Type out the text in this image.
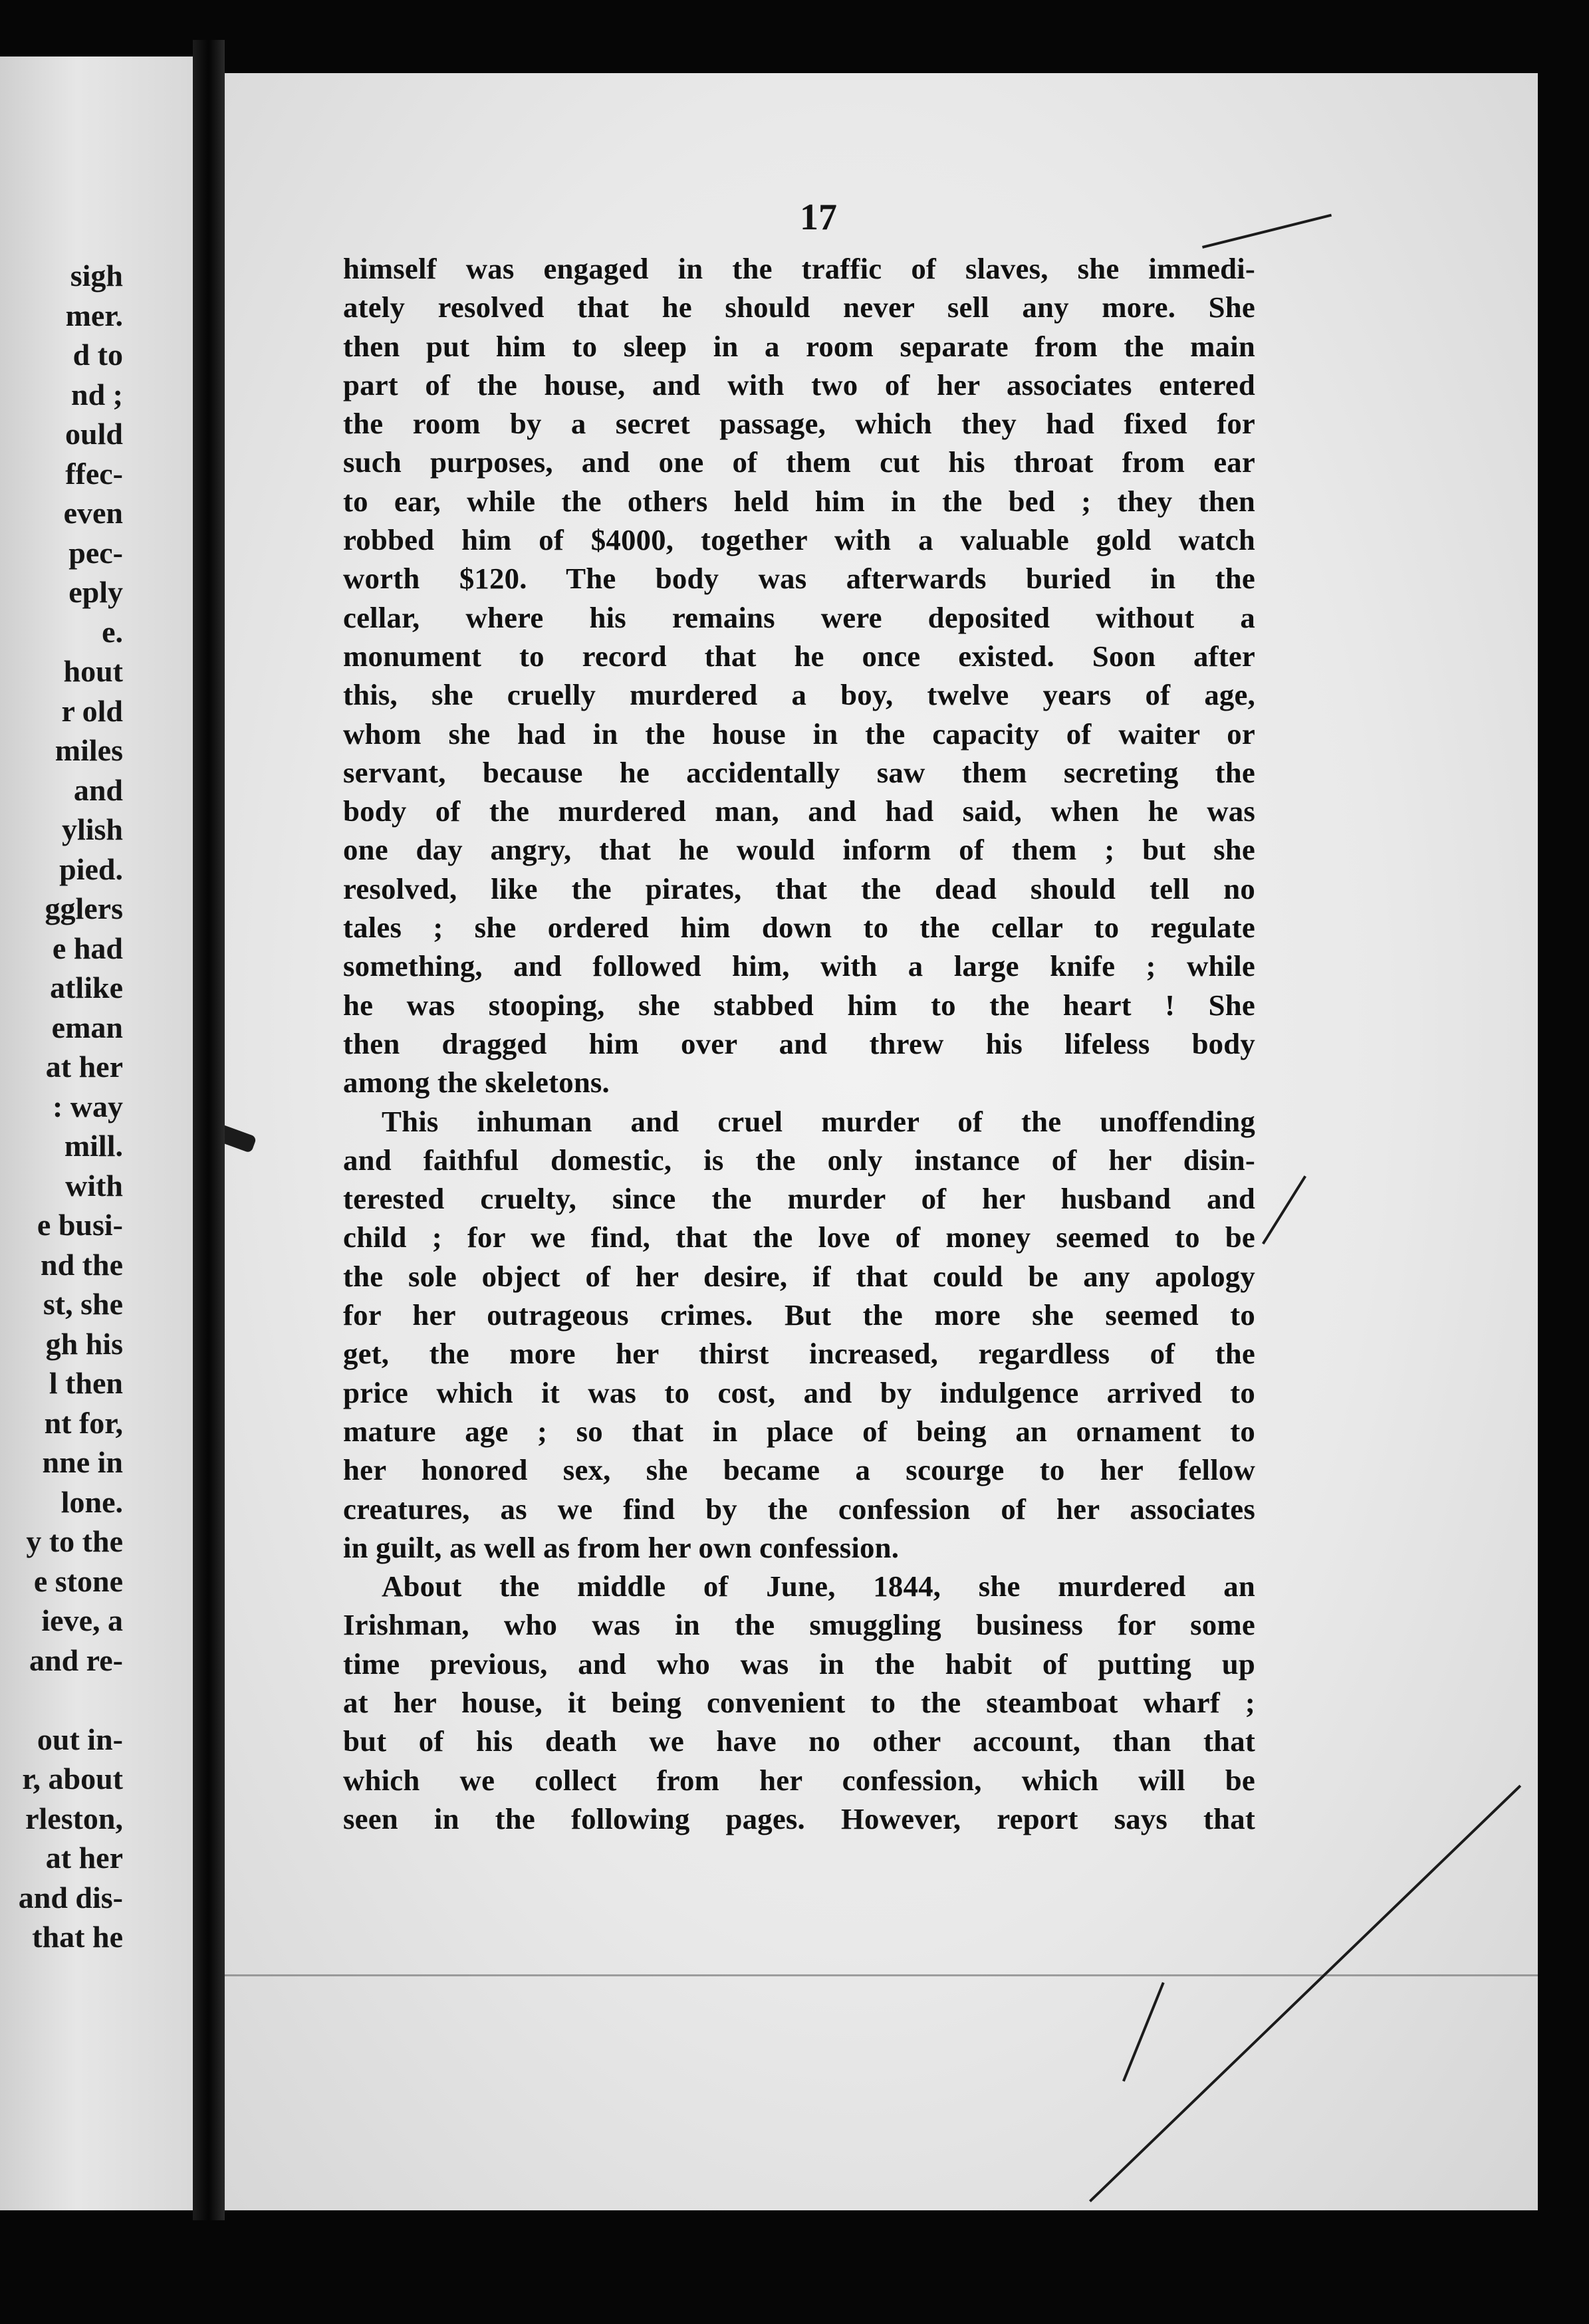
sigh
mer.
d to
nd ;
ould
ffec-
even
pec-
eply
e.
hout
r old
miles
and
ylish
pied.
gglers
e had
atlike
eman
at her
: way
mill.
with
e busi-
nd the
st, she
gh his
l then
nt for,
nne in
lone.
y to the
e stone
ieve, a
and re-
out in-
r, about
rleston,
at her
and dis-
that he
17
himself was engaged in the traffic of slaves, she immedi-
ately resolved that he should never sell any more. She
then put him to sleep in a room separate from the main
part of the house, and with two of her associates entered
the room by a secret passage, which they had fixed for
such purposes, and one of them cut his throat from ear
to ear, while the others held him in the bed ; they then
robbed him of $4000, together with a valuable gold watch
worth $120. The body was afterwards buried in the
cellar, where his remains were deposited without a
monument to record that he once existed. Soon after
this, she cruelly murdered a boy, twelve years of age,
whom she had in the house in the capacity of waiter or
servant, because he accidentally saw them secreting the
body of the murdered man, and had said, when he was
one day angry, that he would inform of them ; but she
resolved, like the pirates, that the dead should tell no
tales ; she ordered him down to the cellar to regulate
something, and followed him, with a large knife ; while
he was stooping, she stabbed him to the heart ! She
then dragged him over and threw his lifeless body
among the skeletons.
This inhuman and cruel murder of the unoffending
and faithful domestic, is the only instance of her disin-
terested cruelty, since the murder of her husband and
child ; for we find, that the love of money seemed to be
the sole object of her desire, if that could be any apology
for her outrageous crimes. But the more she seemed to
get, the more her thirst increased, regardless of the
price which it was to cost, and by indulgence arrived to
mature age ; so that in place of being an ornament to
her honored sex, she became a scourge to her fellow
creatures, as we find by the confession of her associates
in guilt, as well as from her own confession.
About the middle of June, 1844, she murdered an
Irishman, who was in the smuggling business for some
time previous, and who was in the habit of putting up
at her house, it being convenient to the steamboat wharf ;
but of his death we have no other account, than that
which we collect from her confession, which will be
seen in the following pages. However, report says that
